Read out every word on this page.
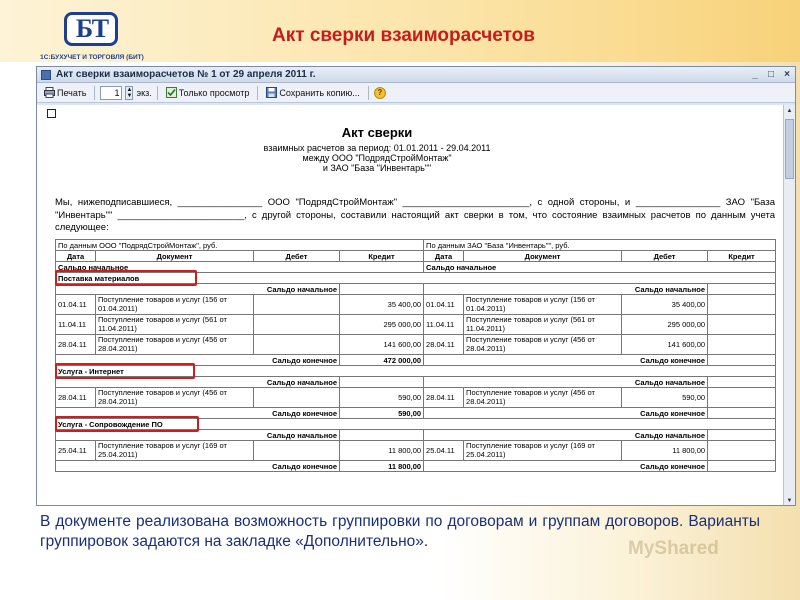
БТ
1С:БУХУЧЕТ И ТОРГОВЛЯ (БИТ)
Акт сверки взаиморасчетов
Акт сверки взаиморасчетов № 1 от 29 апреля 2011 г.	_	□	×
Печать	1	▲
▼ экз.	Только просмотр	Сохранить копию...	?
Акт сверки
взаимных расчетов за период: 01.01.2011 - 29.04.2011
между ООО "ПодрядСтройМонтаж"
и ЗАО "База "Инвентарь""
Мы, нижеподписавшиеся, ________________ ООО "ПодрядСтройМонтаж" ________________________, с одной стороны, и ________________ ЗАО "База "Инвентарь"" ________________________, с другой стороны, составили настоящий акт сверки в том, что состояние взаимных расчетов по данным учета следующее:
По данным ООО "ПодрядСтройМонтаж", руб.				По данным ЗАО "База "Инвентарь"", руб.			
Дата	Документ	Дебет	Кредит	Дата	Документ	Дебет	Кредит
Сальдо начальное				Сальдо начальное			
Поставка материалов							
Сальдо начальное				Сальдо начальное			
01.04.11	Поступление товаров и услуг (156 от 01.04.2011)		35 400,00	01.04.11	Поступление товаров и услуг (156 от 01.04.2011)	35 400,00	
11.04.11	Поступление товаров и услуг (561 от 11.04.2011)		295 000,00	11.04.11	Поступление товаров и услуг (561 от 11.04.2011)	295 000,00	
28.04.11	Поступление товаров и услуг (456 от 28.04.2011)		141 600,00	28.04.11	Поступление товаров и услуг (456 от 28.04.2011)	141 600,00	
Сальдо конечное			472 000,00	Сальдо конечное			
Услуга - Интернет							
Сальдо начальное				Сальдо начальное			
28.04.11	Поступление товаров и услуг (456 от 28.04.2011)		590,00	28.04.11	Поступление товаров и услуг (456 от 28.04.2011)	590,00	
Сальдо конечное			590,00	Сальдо конечное			
Услуга - Сопровождение ПО							
Сальдо начальное				Сальдо начальное			
25.04.11	Поступление товаров и услуг (169 от 25.04.2011)		11 800,00	25.04.11	Поступление товаров и услуг (169 от 25.04.2011)	11 800,00	
Сальдо конечное			11 800,00	Сальдо конечное			
▲
▼
В документе реализована возможность группировки по договорам и группам договоров. Варианты группировок задаются на закладке «Дополнительно».	MyShared
